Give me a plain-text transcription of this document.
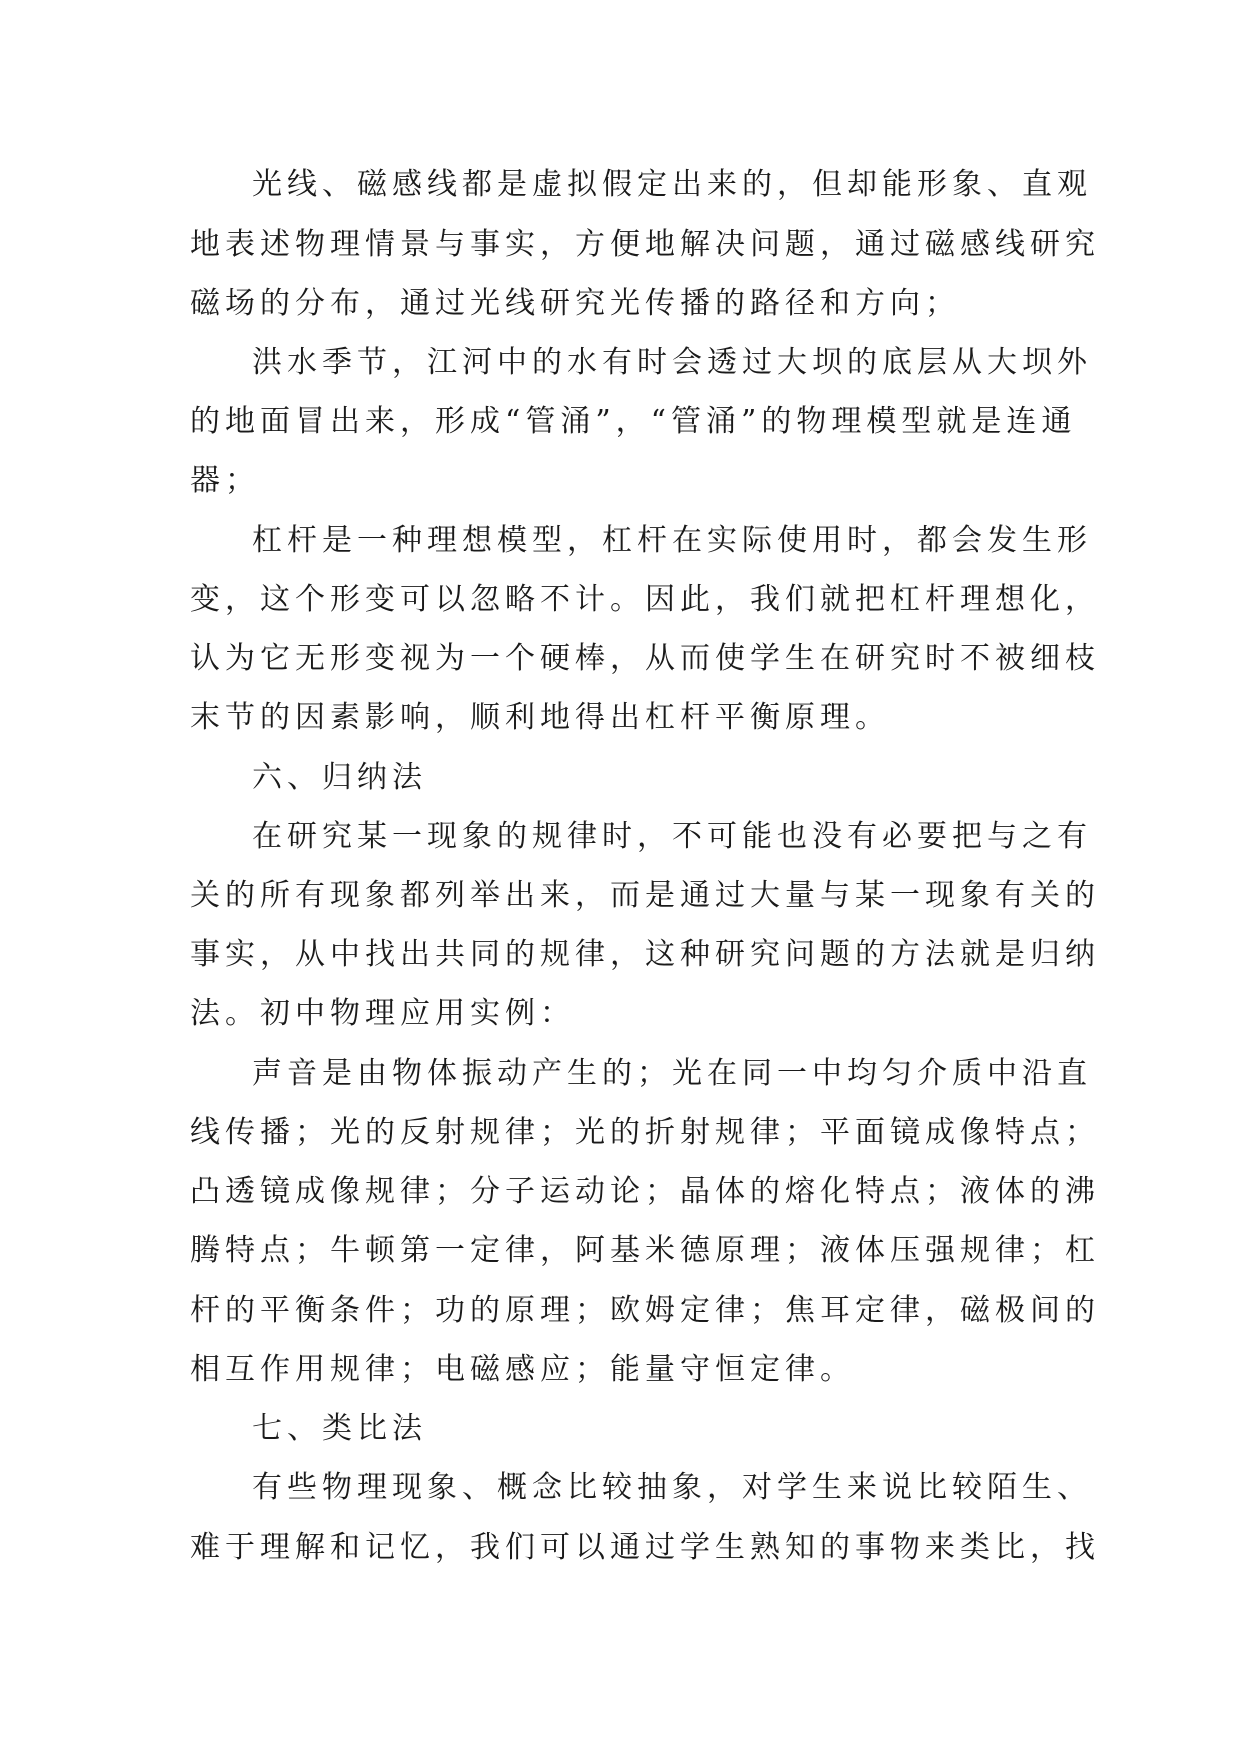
光线、磁感线都是虚拟假定出来的，但却能形象、直观
地表述物理情景与事实，方便地解决问题，通过磁感线研究
磁场的分布，通过光线研究光传播的路径和方向；
洪水季节，江河中的水有时会透过大坝的底层从大坝外
的地面冒出来，形成“管涌”，“管涌”的物理模型就是连通
器；
杠杆是一种理想模型，杠杆在实际使用时，都会发生形
变，这个形变可以忽略不计。因此，我们就把杠杆理想化，
认为它无形变视为一个硬棒，从而使学生在研究时不被细枝
末节的因素影响，顺利地得出杠杆平衡原理。
六、归纳法
在研究某一现象的规律时，不可能也没有必要把与之有
关的所有现象都列举出来，而是通过大量与某一现象有关的
事实，从中找出共同的规律，这种研究问题的方法就是归纳
法。初中物理应用实例：
声音是由物体振动产生的；光在同一中均匀介质中沿直
线传播；光的反射规律；光的折射规律；平面镜成像特点；
凸透镜成像规律；分子运动论；晶体的熔化特点；液体的沸
腾特点；牛顿第一定律，阿基米德原理；液体压强规律；杠
杆的平衡条件；功的原理；欧姆定律；焦耳定律，磁极间的
相互作用规律；电磁感应；能量守恒定律。
七、类比法
有些物理现象、概念比较抽象，对学生来说比较陌生、
难于理解和记忆，我们可以通过学生熟知的事物来类比，找
